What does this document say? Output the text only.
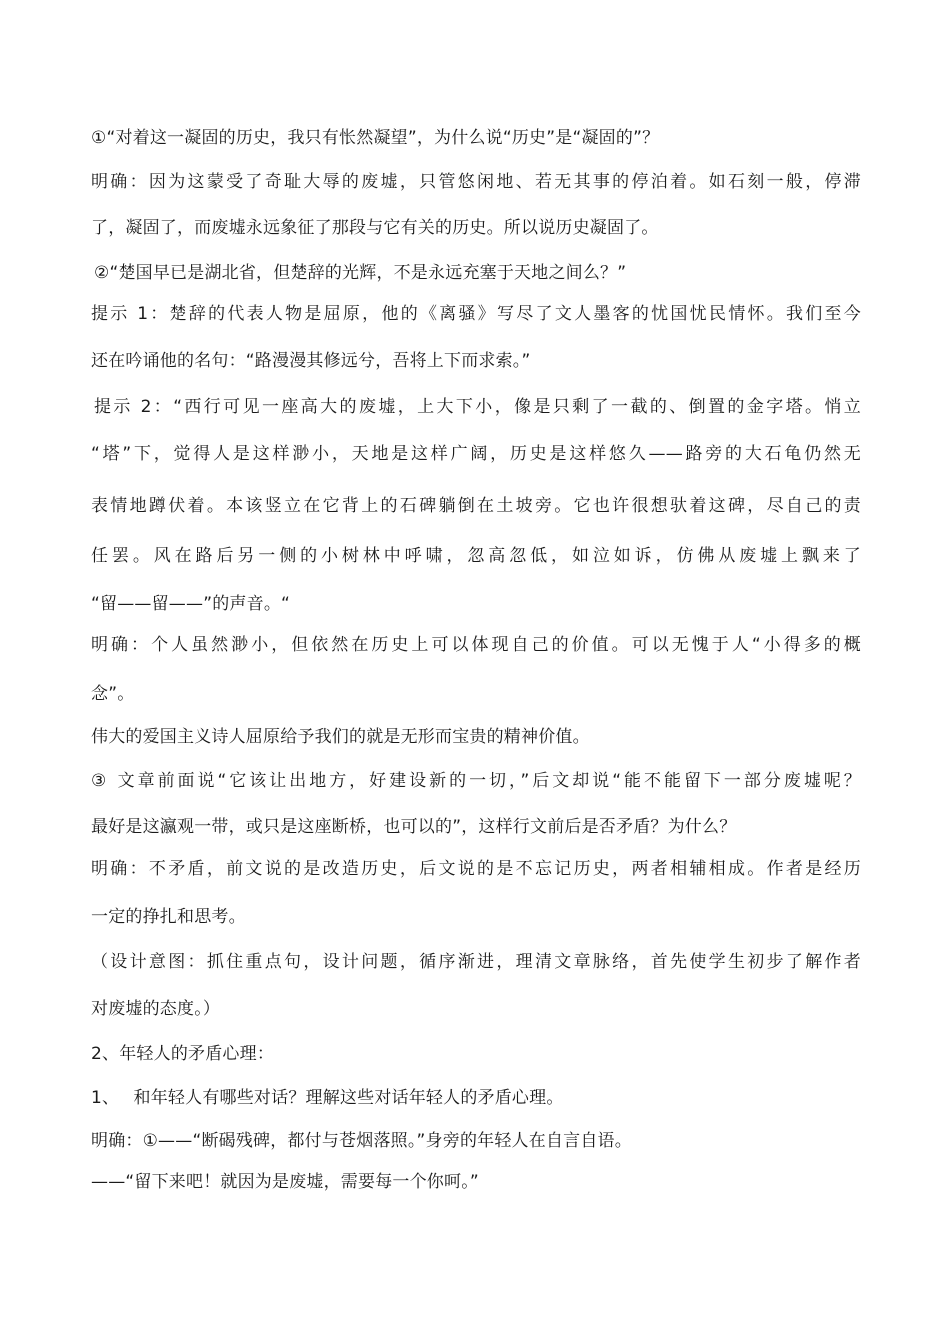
①“对着这一凝固的历史，我只有怅然凝望”，为什么说“历史”是“凝固的”？
明确：因为这蒙受了奇耻大辱的废墟，只管悠闲地、若无其事的停泊着。如石刻一般，停滞
了，凝固了，而废墟永远象征了那段与它有关的历史。所以说历史凝固了。
②“楚国早已是湖北省，但楚辞的光辉，不是永远充塞于天地之间么？”
提示 1：楚辞的代表人物是屈原，他的《离骚》写尽了文人墨客的忧国忧民情怀。我们至今
还在吟诵他的名句：“路漫漫其修远兮，吾将上下而求索。”
提示 2：“西行可见一座高大的废墟，上大下小，像是只剩了一截的、倒置的金字塔。悄立
“塔”下，觉得人是这样渺小，天地是这样广阔，历史是这样悠久——路旁的大石龟仍然无
表情地蹲伏着。本该竖立在它背上的石碑躺倒在土坡旁。它也许很想驮着这碑，尽自己的责
任罢。风在路后另一侧的小树林中呼啸，忽高忽低，如泣如诉，仿佛从废墟上飘来了
“留——留——”的声音。“
明确：个人虽然渺小，但依然在历史上可以体现自己的价值。可以无愧于人“小得多的概
念”。
伟大的爱国主义诗人屈原给予我们的就是无形而宝贵的精神价值。
③ 文章前面说“它该让出地方，好建设新的一切，”后文却说“能不能留下一部分废墟呢？
最好是这瀛观一带，或只是这座断桥，也可以的”，这样行文前后是否矛盾？为什么？
明确：不矛盾，前文说的是改造历史，后文说的是不忘记历史，两者相辅相成。作者是经历
一定的挣扎和思考。
（设计意图：抓住重点句，设计问题，循序渐进，理清文章脉络，首先使学生初步了解作者
对废墟的态度。）
2、年轻人的矛盾心理：
1、　 和年轻人有哪些对话？理解这些对话年轻人的矛盾心理。
明确：①——“断碣残碑，都付与苍烟落照。”身旁的年轻人在自言自语。
——“留下来吧！就因为是废墟，需要每一个你呵。”
